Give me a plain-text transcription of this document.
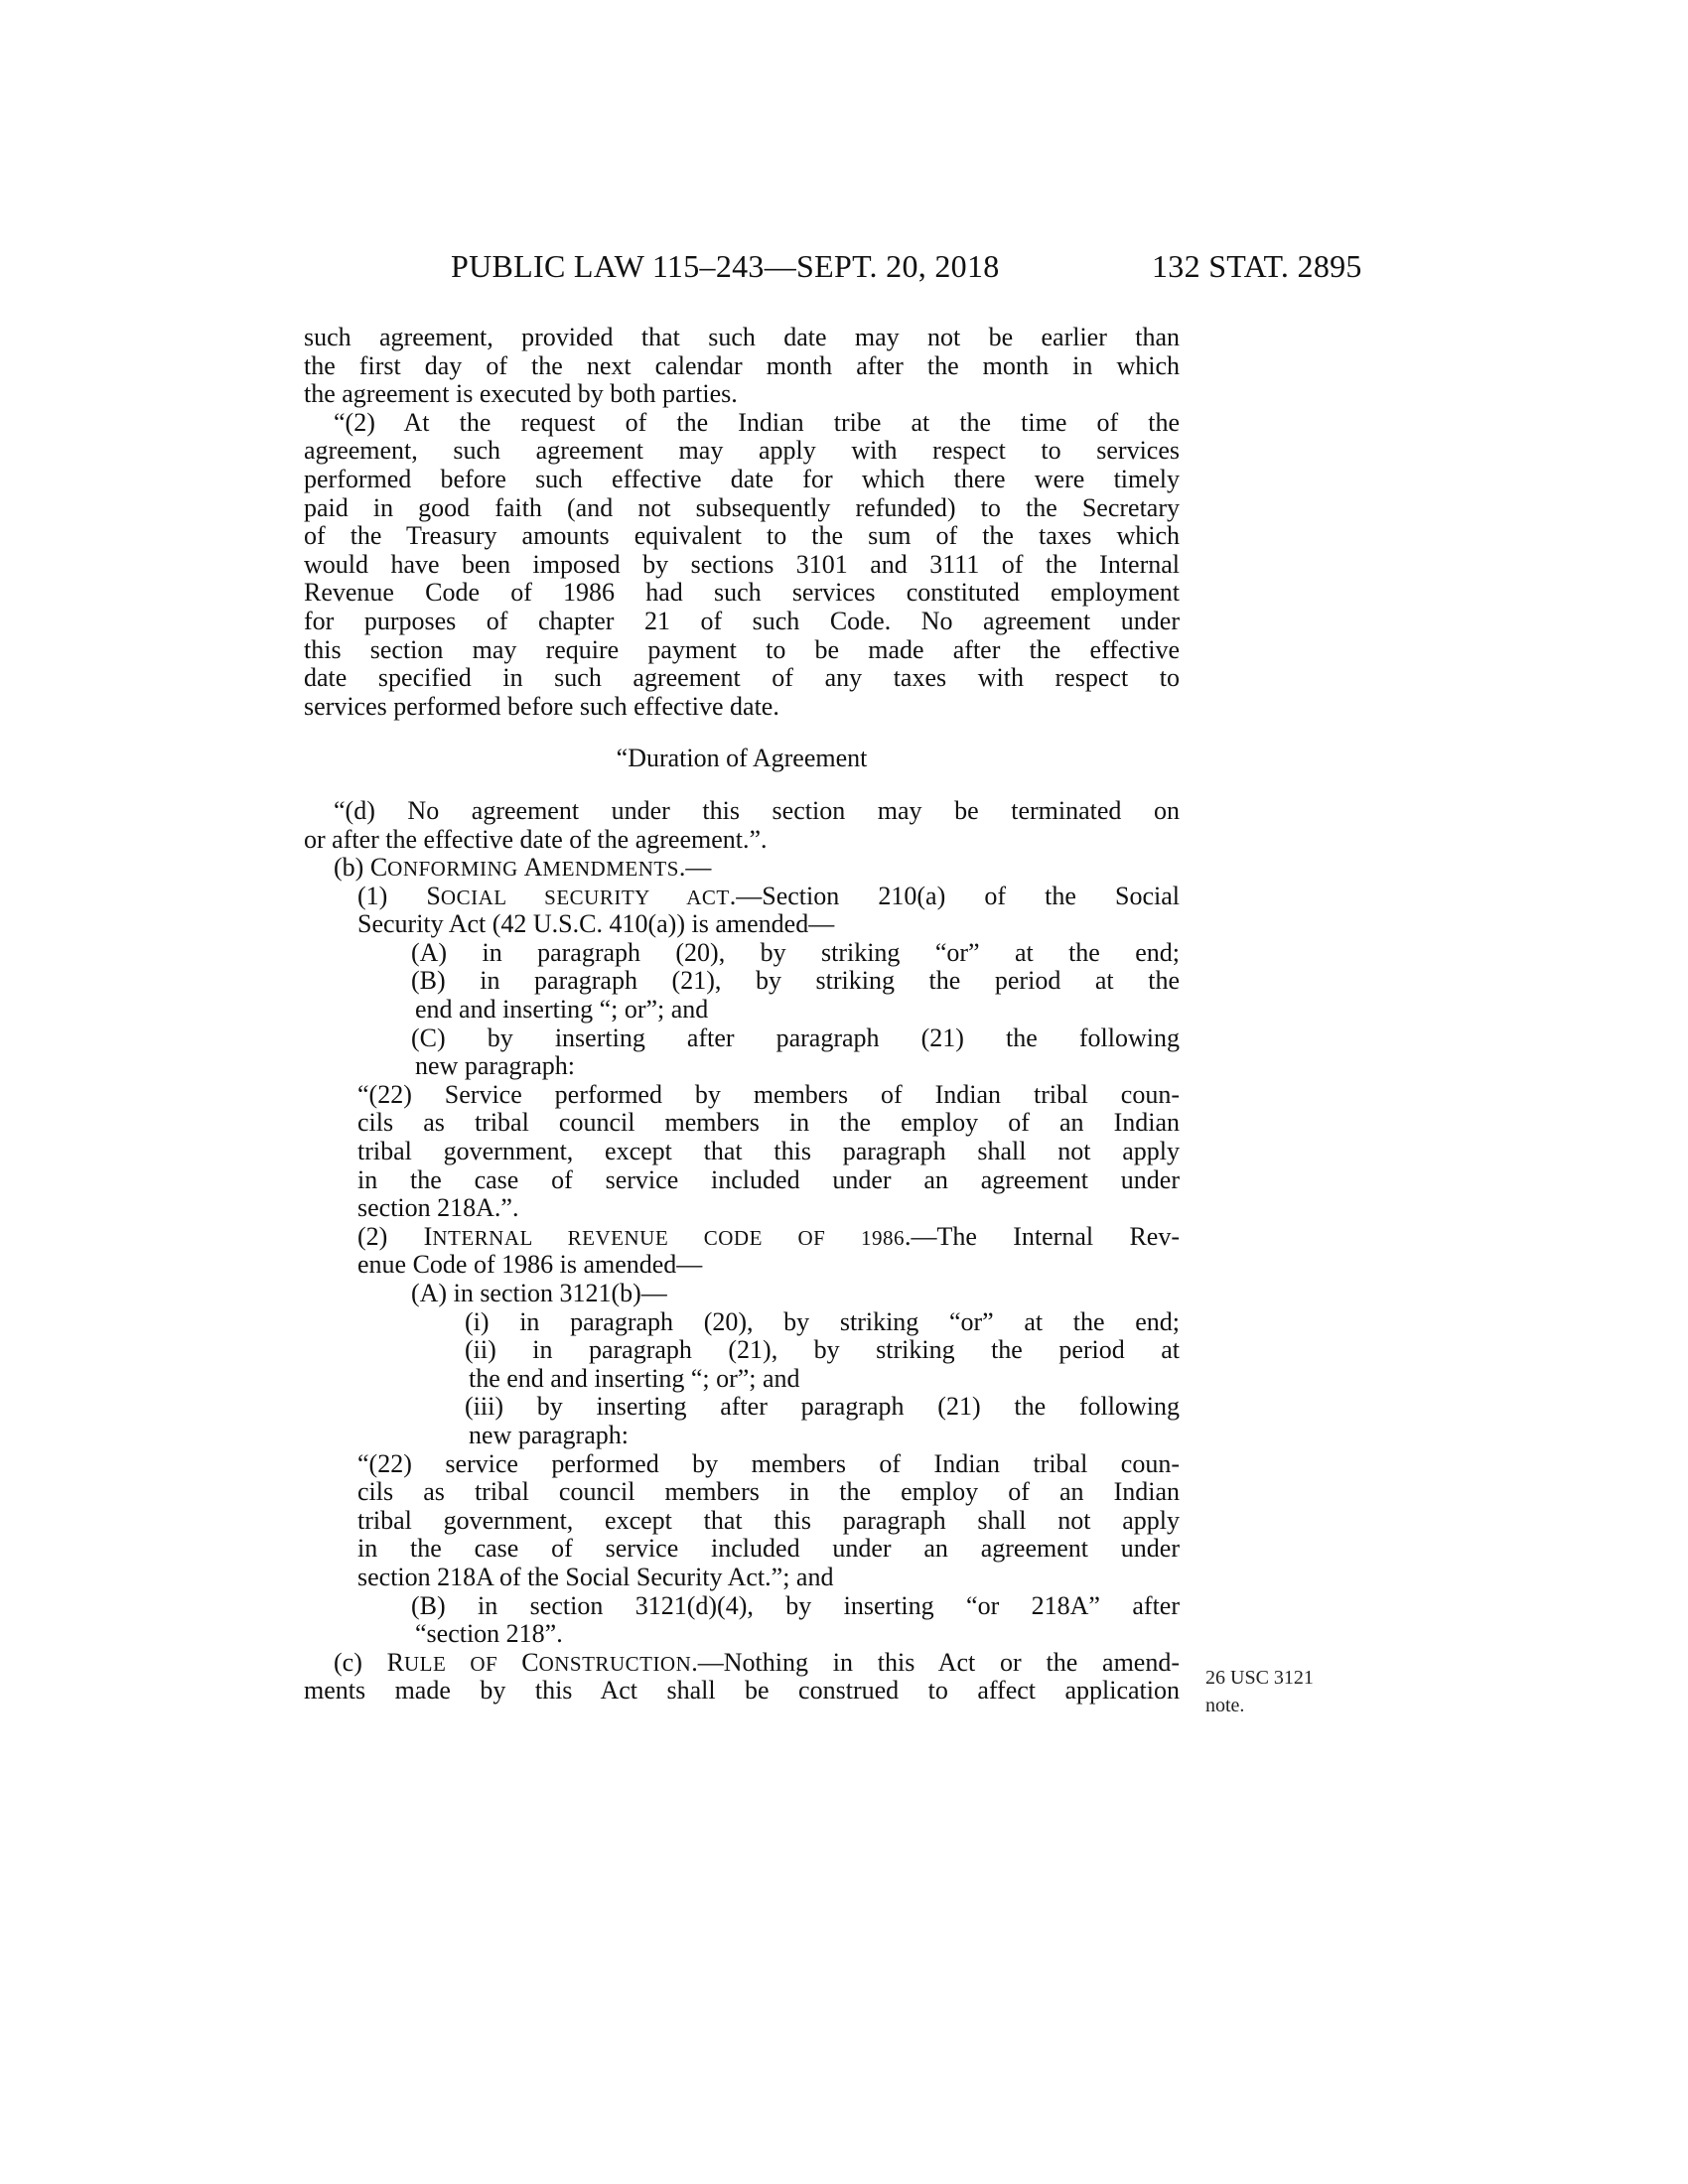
PUBLIC LAW 115–243—SEPT. 20, 2018	132 STAT. 2895
such agreement, provided that such date may not be earlier than
the first day of the next calendar month after the month in which
the agreement is executed by both parties.
“(2) At the request of the Indian tribe at the time of the
agreement, such agreement may apply with respect to services
performed before such effective date for which there were timely
paid in good faith (and not subsequently refunded) to the Secretary
of the Treasury amounts equivalent to the sum of the taxes which
would have been imposed by sections 3101 and 3111 of the Internal
Revenue Code of 1986 had such services constituted employment
for purposes of chapter 21 of such Code. No agreement under
this section may require payment to be made after the effective
date specified in such agreement of any taxes with respect to
services performed before such effective date.
“Duration of Agreement
“(d) No agreement under this section may be terminated on
or after the effective date of the agreement.”.
(b) CONFORMING AMENDMENTS.—
(1) SOCIAL SECURITY ACT.—Section 210(a) of the Social
Security Act (42 U.S.C. 410(a)) is amended—
(A) in paragraph (20), by striking “or” at the end;
(B) in paragraph (21), by striking the period at the
end and inserting “; or”; and
(C) by inserting after paragraph (21) the following
new paragraph:
“(22) Service performed by members of Indian tribal coun-
cils as tribal council members in the employ of an Indian
tribal government, except that this paragraph shall not apply
in the case of service included under an agreement under
section 218A.”.
(2) INTERNAL REVENUE CODE OF 1986.—The Internal Rev-
enue Code of 1986 is amended—
(A) in section 3121(b)—
(i) in paragraph (20), by striking “or” at the end;
(ii) in paragraph (21), by striking the period at
the end and inserting “; or”; and
(iii) by inserting after paragraph (21) the following
new paragraph:
“(22) service performed by members of Indian tribal coun-
cils as tribal council members in the employ of an Indian
tribal government, except that this paragraph shall not apply
in the case of service included under an agreement under
section 218A of the Social Security Act.”; and
(B) in section 3121(d)(4), by inserting “or 218A” after
“section 218”.
(c) RULE OF CONSTRUCTION.—Nothing in this Act or the amend-
ments made by this Act shall be construed to affect application 26 USC 3121
note.
